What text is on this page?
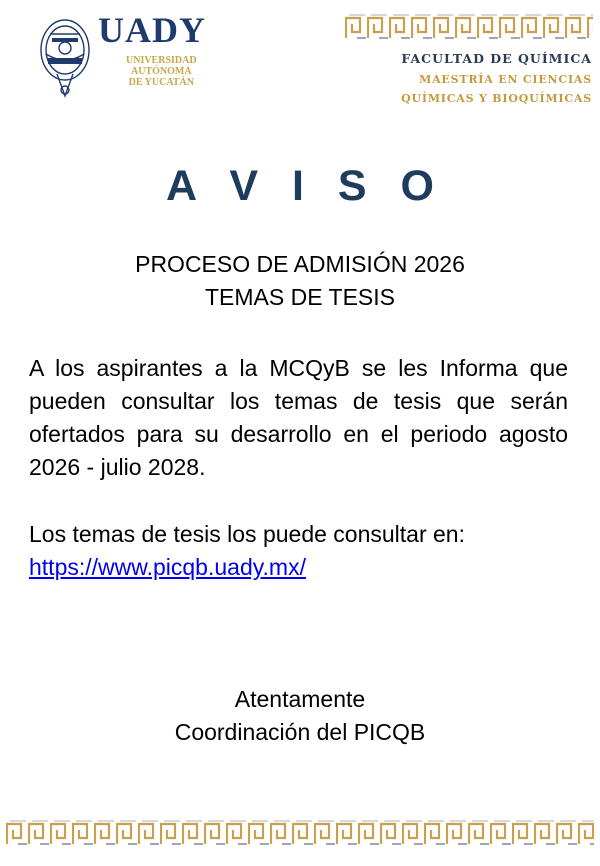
UADY
UNIVERSIDAD
AUTÓNOMA
DE YUCATÁN
FACULTAD DE QUÍMICA
MAESTRÍA EN CIENCIAS
QUÍMICAS Y BIOQUÍMICAS
A V I S O
PROCESO DE ADMISIÓN 2026
TEMAS DE TESIS
A los aspirantes a la MCQyB se les Informa que pueden consultar los temas de tesis que serán ofertados para su desarrollo en el periodo agosto 2026 - julio 2028.
Los temas de tesis los puede consultar en:
https://www.picqb.uady.mx/
Atentamente
Coordinación del PICQB
